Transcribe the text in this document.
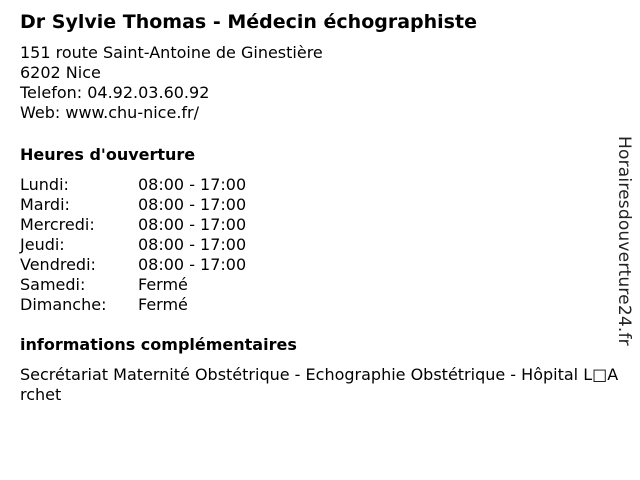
Dr Sylvie Thomas - Médecin échographiste
151 route Saint-Antoine de Ginestière
6202 Nice
Telefon: 04.92.03.60.92
Web: www.chu-nice.fr/
Heures d'ouverture
Lundi:	08:00 - 17:00
Mardi:	08:00 - 17:00
Mercredi:	08:00 - 17:00
Jeudi:	08:00 - 17:00
Vendredi:	08:00 - 17:00
Samedi:	Fermé
Dimanche:	Fermé
informations complémentaires
Secrétariat Maternité Obstétrique - Echographie Obstétrique - Hôpital L□Archet
Horairesdouverture24.fr
